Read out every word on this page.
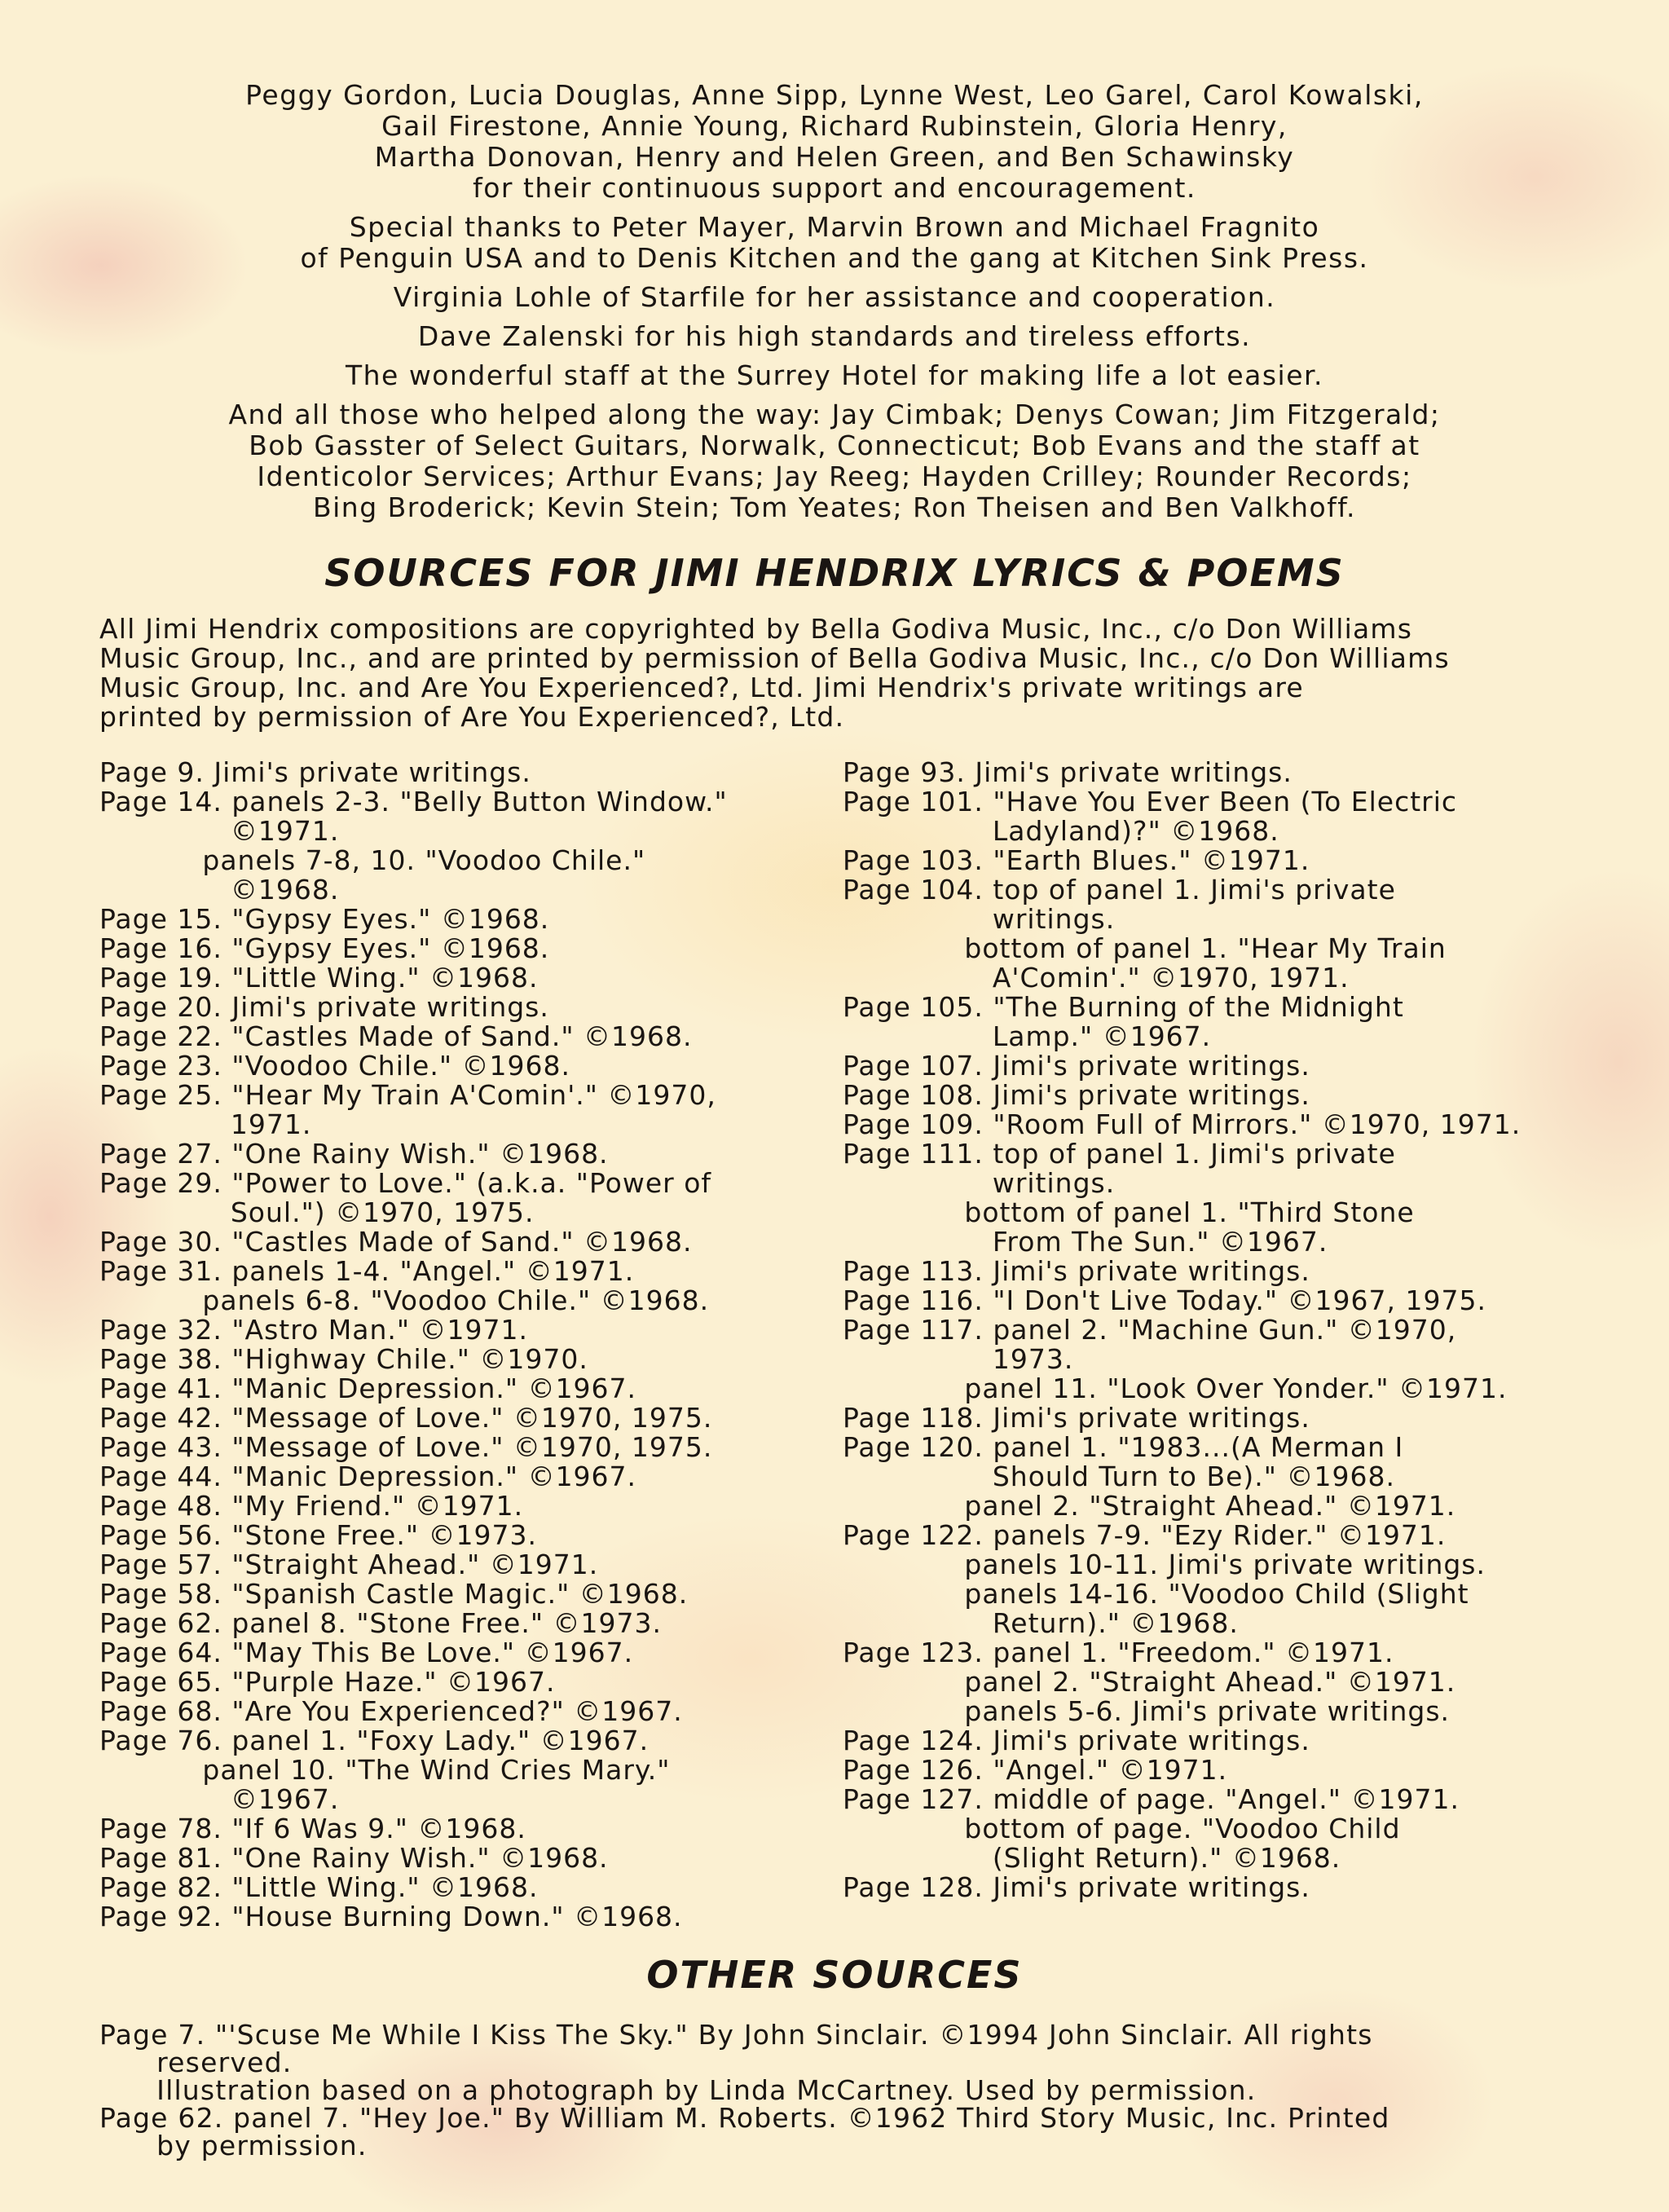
Peggy Gordon, Lucia Douglas, Anne Sipp, Lynne West, Leo Garel, Carol Kowalski,
Gail Firestone, Annie Young, Richard Rubinstein, Gloria Henry,
Martha Donovan, Henry and Helen Green, and Ben Schawinsky

for their continuous support and encouragement.

Special thanks to Peter Mayer, Marvin Brown and Michael Fragnito

of Penguin USA and to Denis Kitchen and the gang at Kitchen Sink Press.

Virginia Lohle of Starfile for her assistance and cooperation.

Dave Zalenski for his high standards and tireless efforts.

The wonderful staff at the Surrey Hotel for making life a lot easier.

And all those who helped along the way: Jay Cimbak; Denys Cowan; Jim Fitzgerald;
Bob Gasster of Select Guitars, Norwalk, Connecticut; Bob Evans and the staff at
Identicolor Services; Arthur Evans; Jay Reeg; Hayden Crilley; Rounder Records;
Bing Broderick; Kevin Stein; Tom Yeates; Ron Theisen and Ben Valkhoff.
SOURCES FOR JIMI HENDRIX LYRICS & POEMS
All Jimi Hendrix compositions are copyrighted by Bella Godiva Music, Inc., c/o Don Williams
Music Group, Inc., and are printed by permission of Bella Godiva Music, Inc., c/o Don Williams
Music Group, Inc. and Are You Experienced?, Ltd. Jimi Hendrix's private writings are
printed by permission of Are You Experienced?, Ltd.
Page 9. Jimi's private writings.
Page 14. panels 2-3. "Belly Button Window."
©1971.
panels 7-8, 10. "Voodoo Chile."
©1968.
Page 15. "Gypsy Eyes." ©1968.
Page 16. "Gypsy Eyes." ©1968.
Page 19. "Little Wing." ©1968.
Page 20. Jimi's private writings.
Page 22. "Castles Made of Sand." ©1968.
Page 23. "Voodoo Chile." ©1968.
Page 25. "Hear My Train A'Comin'." ©1970,
1971.
Page 27. "One Rainy Wish." ©1968.
Page 29. "Power to Love." (a.k.a. "Power of
Soul.") ©1970, 1975.
Page 30. "Castles Made of Sand." ©1968.
Page 31. panels 1-4. "Angel." ©1971.
panels 6-8. "Voodoo Chile." ©1968.
Page 32. "Astro Man." ©1971.
Page 38. "Highway Chile." ©1970.
Page 41. "Manic Depression." ©1967.
Page 42. "Message of Love." ©1970, 1975.
Page 43. "Message of Love." ©1970, 1975.
Page 44. "Manic Depression." ©1967.
Page 48. "My Friend." ©1971.
Page 56. "Stone Free." ©1973.
Page 57. "Straight Ahead." ©1971.
Page 58. "Spanish Castle Magic." ©1968.
Page 62. panel 8. "Stone Free." ©1973.
Page 64. "May This Be Love." ©1967.
Page 65. "Purple Haze." ©1967.
Page 68. "Are You Experienced?" ©1967.
Page 76. panel 1. "Foxy Lady." ©1967.
panel 10. "The Wind Cries Mary."
©1967.
Page 78. "If 6 Was 9." ©1968.
Page 81. "One Rainy Wish." ©1968.
Page 82. "Little Wing." ©1968.
Page 92. "House Burning Down." ©1968.
Page 93. Jimi's private writings.
Page 101. "Have You Ever Been (To Electric
Ladyland)?" ©1968.
Page 103. "Earth Blues." ©1971.
Page 104. top of panel 1. Jimi's private
writings.
bottom of panel 1. "Hear My Train
A'Comin'." ©1970, 1971.
Page 105. "The Burning of the Midnight
Lamp." ©1967.
Page 107. Jimi's private writings.
Page 108. Jimi's private writings.
Page 109. "Room Full of Mirrors." ©1970, 1971.
Page 111. top of panel 1. Jimi's private
writings.
bottom of panel 1. "Third Stone
From The Sun." ©1967.
Page 113. Jimi's private writings.
Page 116. "I Don't Live Today." ©1967, 1975.
Page 117. panel 2. "Machine Gun." ©1970,
1973.
panel 11. "Look Over Yonder." ©1971.
Page 118. Jimi's private writings.
Page 120. panel 1. "1983...(A Merman I
Should Turn to Be)." ©1968.
panel 2. "Straight Ahead." ©1971.
Page 122. panels 7-9. "Ezy Rider." ©1971.
panels 10-11. Jimi's private writings.
panels 14-16. "Voodoo Child (Slight
Return)." ©1968.
Page 123. panel 1. "Freedom." ©1971.
panel 2. "Straight Ahead." ©1971.
panels 5-6. Jimi's private writings.
Page 124. Jimi's private writings.
Page 126. "Angel." ©1971.
Page 127. middle of page. "Angel." ©1971.
bottom of page. "Voodoo Child
(Slight Return)." ©1968.
Page 128. Jimi's private writings.
OTHER SOURCES
Page 7. "'Scuse Me While I Kiss The Sky." By John Sinclair. ©1994 John Sinclair. All rights
reserved.
Illustration based on a photograph by Linda McCartney. Used by permission.
Page 62. panel 7. "Hey Joe." By William M. Roberts. ©1962 Third Story Music, Inc. Printed
by permission.
